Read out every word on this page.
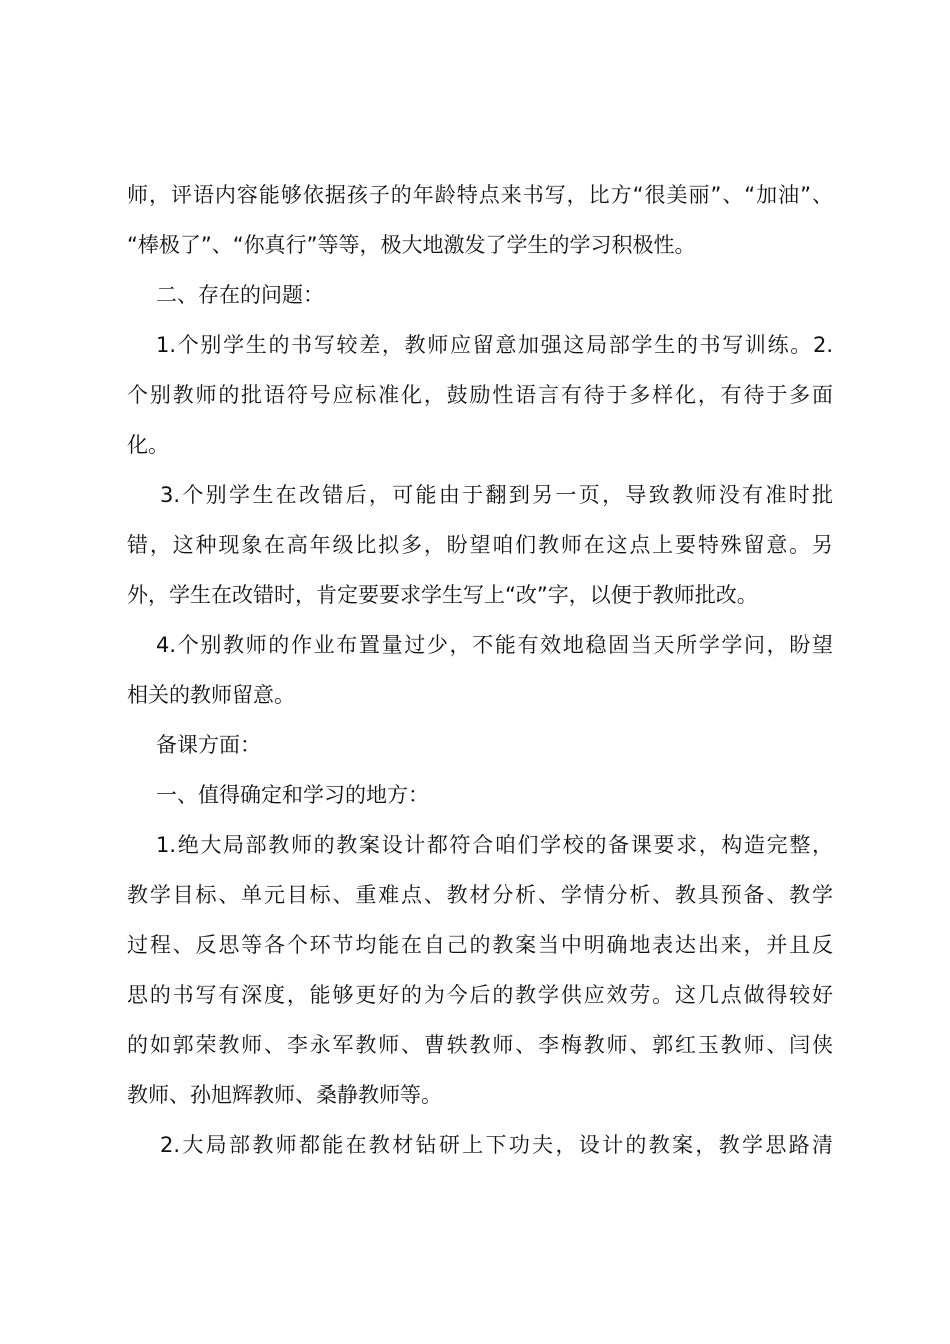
师，评语内容能够依据孩子的年龄特点来书写，比方“很美丽”、“加油”、
“棒极了”、“你真行”等等，极大地激发了学生的学习积极性。
二、存在的问题：
1.个别学生的书写较差，教师应留意加强这局部学生的书写训练。2.
个别教师的批语符号应标准化，鼓励性语言有待于多样化，有待于多面
化。
3.个别学生在改错后，可能由于翻到另一页，导致教师没有准时批
错，这种现象在高年级比拟多，盼望咱们教师在这点上要特殊留意。另
外，学生在改错时，肯定要要求学生写上“改”字，以便于教师批改。
4.个别教师的作业布置量过少，不能有效地稳固当天所学学问，盼望
相关的教师留意。
备课方面：
一、值得确定和学习的地方：
1.绝大局部教师的教案设计都符合咱们学校的备课要求，构造完整，
教学目标、单元目标、重难点、教材分析、学情分析、教具预备、教学
过程、反思等各个环节均能在自己的教案当中明确地表达出来，并且反
思的书写有深度，能够更好的为今后的教学供应效劳。这几点做得较好
的如郭荣教师、李永军教师、曹轶教师、李梅教师、郭红玉教师、闫侠
教师、孙旭辉教师、桑静教师等。
2.大局部教师都能在教材钻研上下功夫，设计的教案，教学思路清
